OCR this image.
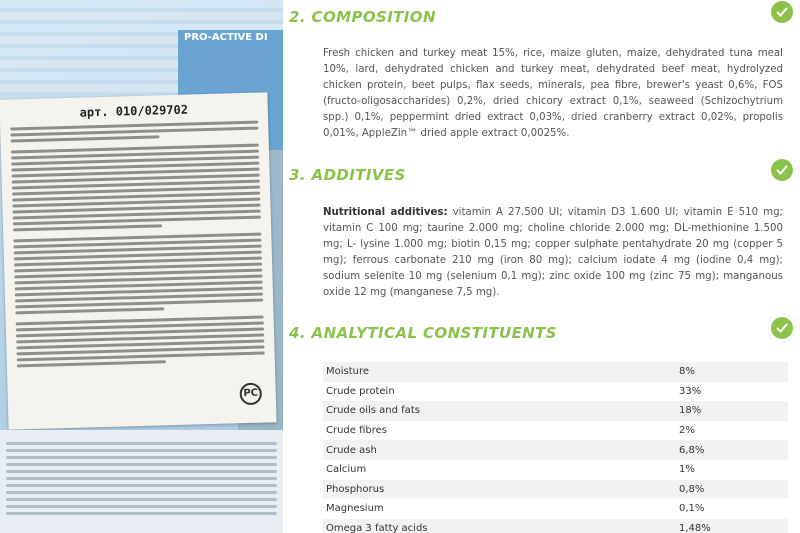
PRO-ACTIVE DI
арт. 010/029702
РС
2. COMPOSITION
Fresh chicken and turkey meat 15%, rice, maize gluten, maize, dehydrated tuna meal 10%, lard, dehydrated chicken and turkey meat, dehydrated beef meat, hydrolyzed chicken protein, beet pulps, flax seeds, minerals, pea fibre, brewer's yeast 0,6%, FOS (fructo-oligosaccharides) 0,2%, dried chicory extract 0,1%, seaweed (Schizochytrium spp.) 0,1%, peppermint dried extract 0,03%, dried cranberry extract 0,02%, propolis 0,01%, AppleZin™ dried apple extract 0,0025%.
3. ADDITIVES
Nutritional additives: vitamin A 27.500 UI; vitamin D3 1.600 UI; vitamin E 510 mg; vitamin C 100 mg; taurine 2.000 mg; choline chloride 2.000 mg; DL-methionine 1.500 mg; L- lysine 1.000 mg; biotin 0,15 mg; copper sulphate pentahydrate 20 mg (copper 5 mg); ferrous carbonate 210 mg (iron 80 mg); calcium iodate 4 mg (iodine 0,4 mg); sodium selenite 10 mg (selenium 0,1 mg); zinc oxide 100 mg (zinc 75 mg); manganous oxide 12 mg (manganese 7,5 mg).
4. ANALYTICAL CONSTITUENTS
Moisture	8%
Crude protein	33%
Crude oils and fats	18%
Crude fibres	2%
Crude ash	6,8%
Calcium	1%
Phosphorus	0,8%
Magnesium	0,1%
Omega 3 fatty acids	1,48%
